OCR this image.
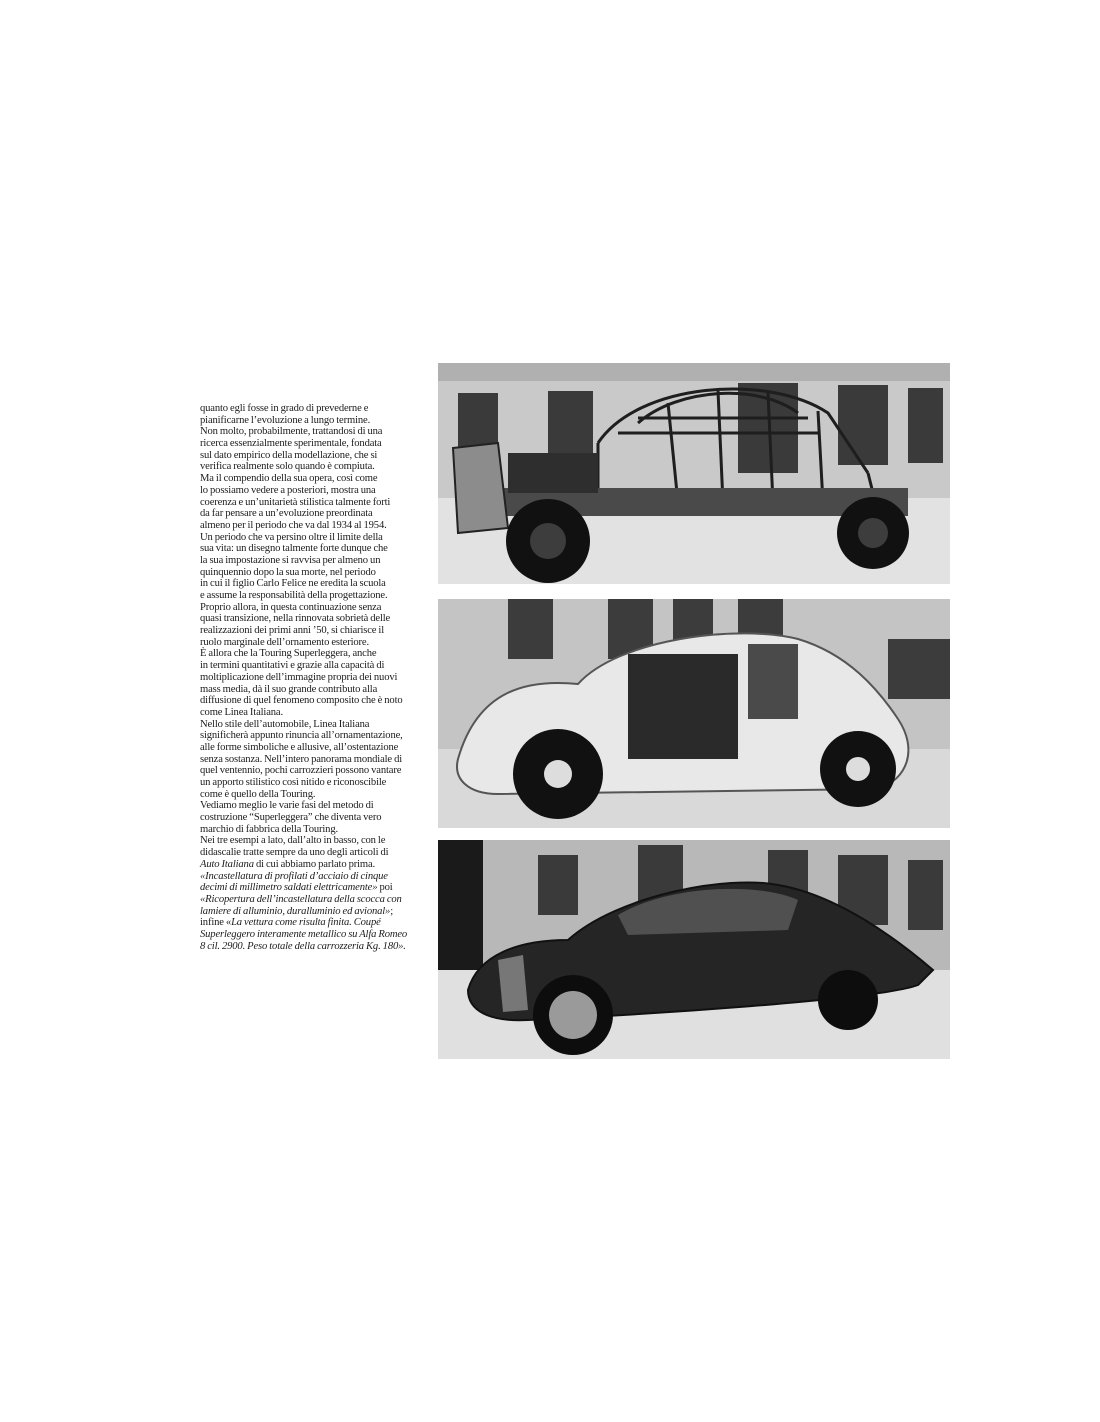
quanto egli fosse in grado di prevederne e
pianificarne l’evoluzione a lungo termine.
Non molto, probabilmente, trattandosi di una
ricerca essenzialmente sperimentale, fondata
sul dato empirico della modellazione, che si
verifica realmente solo quando è compiuta.
Ma il compendio della sua opera, così come
lo possiamo vedere a posteriori, mostra una
coerenza e un’unitarietà stilistica talmente forti
da far pensare a un’evoluzione preordinata
almeno per il periodo che va dal 1934 al 1954.
Un periodo che va persino oltre il limite della
sua vita: un disegno talmente forte dunque che
la sua impostazione si ravvisa per almeno un
quinquennio dopo la sua morte, nel periodo
in cui il figlio Carlo Felice ne eredita la scuola
e assume la responsabilità della progettazione.
Proprio allora, in questa continuazione senza
quasi transizione, nella rinnovata sobrietà delle
realizzazioni dei primi anni ’50, si chiarisce il
ruolo marginale dell’ornamento esteriore.
È allora che la Touring Superleggera, anche
in termini quantitativi e grazie alla capacità di
moltiplicazione dell’immagine propria dei nuovi
mass media, dà il suo grande contributo alla
diffusione di quel fenomeno composito che è noto
come Linea Italiana.
Nello stile dell’automobile, Linea Italiana
significherà appunto rinuncia all’ornamentazione,
alle forme simboliche e allusive, all’ostentazione
senza sostanza. Nell’intero panorama mondiale di
quel ventennio, pochi carrozzieri possono vantare
un apporto stilistico così nitido e riconoscibile
come è quello della Touring.
Vediamo meglio le varie fasi del metodo di
costruzione “Superleggera” che diventa vero
marchio di fabbrica della Touring.
Nei tre esempi a lato, dall’alto in basso, con le
didascalie tratte sempre da uno degli articoli di
Auto Italiana di cui abbiamo parlato prima.
«Incastellatura di profilati d’acciaio di cinque
decimi di millimetro saldati elettricamente» poi
«Ricopertura dell’incastellatura della scocca con
lamiere di alluminio, duralluminio ed avional»;
infine «La vettura come risulta finita. Coupé
Superleggero interamente metallico su Alfa Romeo
8 cil. 2900. Peso totale della carrozzeria Kg. 180».
